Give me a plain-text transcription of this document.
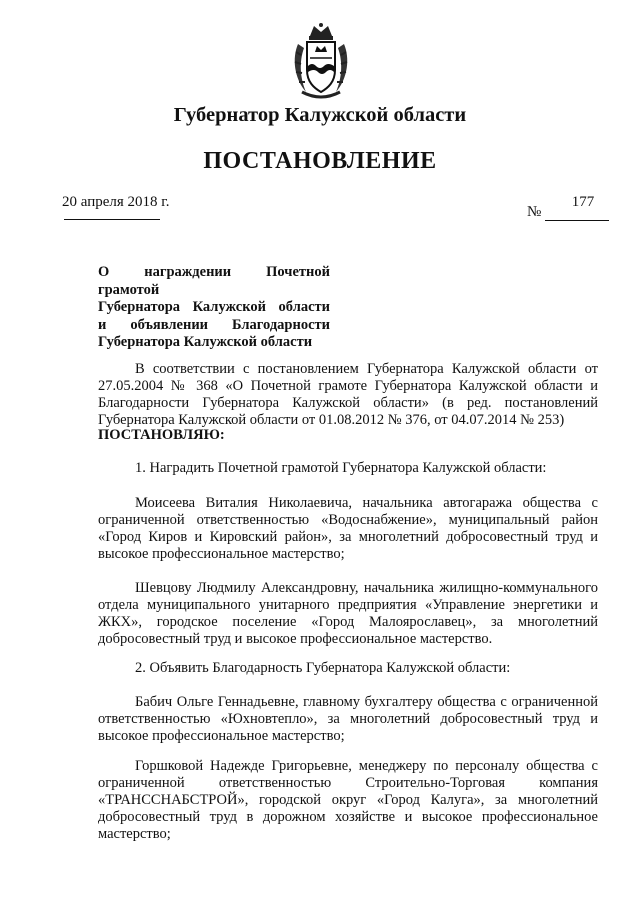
Губернатор Калужской области
ПОСТАНОВЛЕНИЕ
20 апреля 2018 г.	177
№
О награждении Почетной грамотой
Губернатора Калужской области
и объявлении Благодарности
Губернатора Калужской области
В соответствии с постановлением Губернатора Калужской области от 27.05.2004 № 368 «О Почетной грамоте Губернатора Калужской области и Благодарности Губернатора Калужской области» (в ред. постановлений Губернатора Калужской области от 01.08.2012 № 376, от 04.07.2014 № 253)
ПОСТАНОВЛЯЮ:
1. Наградить Почетной грамотой Губернатора Калужской области:
Моисеева Виталия Николаевича, начальника автогаража общества с ограниченной ответственностью «Водоснабжение», муниципальный район «Город Киров и Кировский район», за многолетний добросовестный труд и высокое профессиональное мастерство;
Шевцову Людмилу Александровну, начальника жилищно-коммунального отдела муниципального унитарного предприятия «Управление энергетики и ЖКХ», городское поселение «Город Малоярославец», за многолетний добросовестный труд и высокое профессиональное мастерство.
2. Объявить Благодарность Губернатора Калужской области:
Бабич Ольге Геннадьевне, главному бухгалтеру общества с ограниченной ответственностью «Юхновтепло», за многолетний добросовестный труд и высокое профессиональное мастерство;
Горшковой Надежде Григорьевне, менеджеру по персоналу общества с ограниченной ответственностью Строительно-Торговая компания «ТРАНССНАБСТРОЙ», городской округ «Город Калуга», за многолетний добросовестный труд в дорожном хозяйстве и высокое профессиональное мастерство;
